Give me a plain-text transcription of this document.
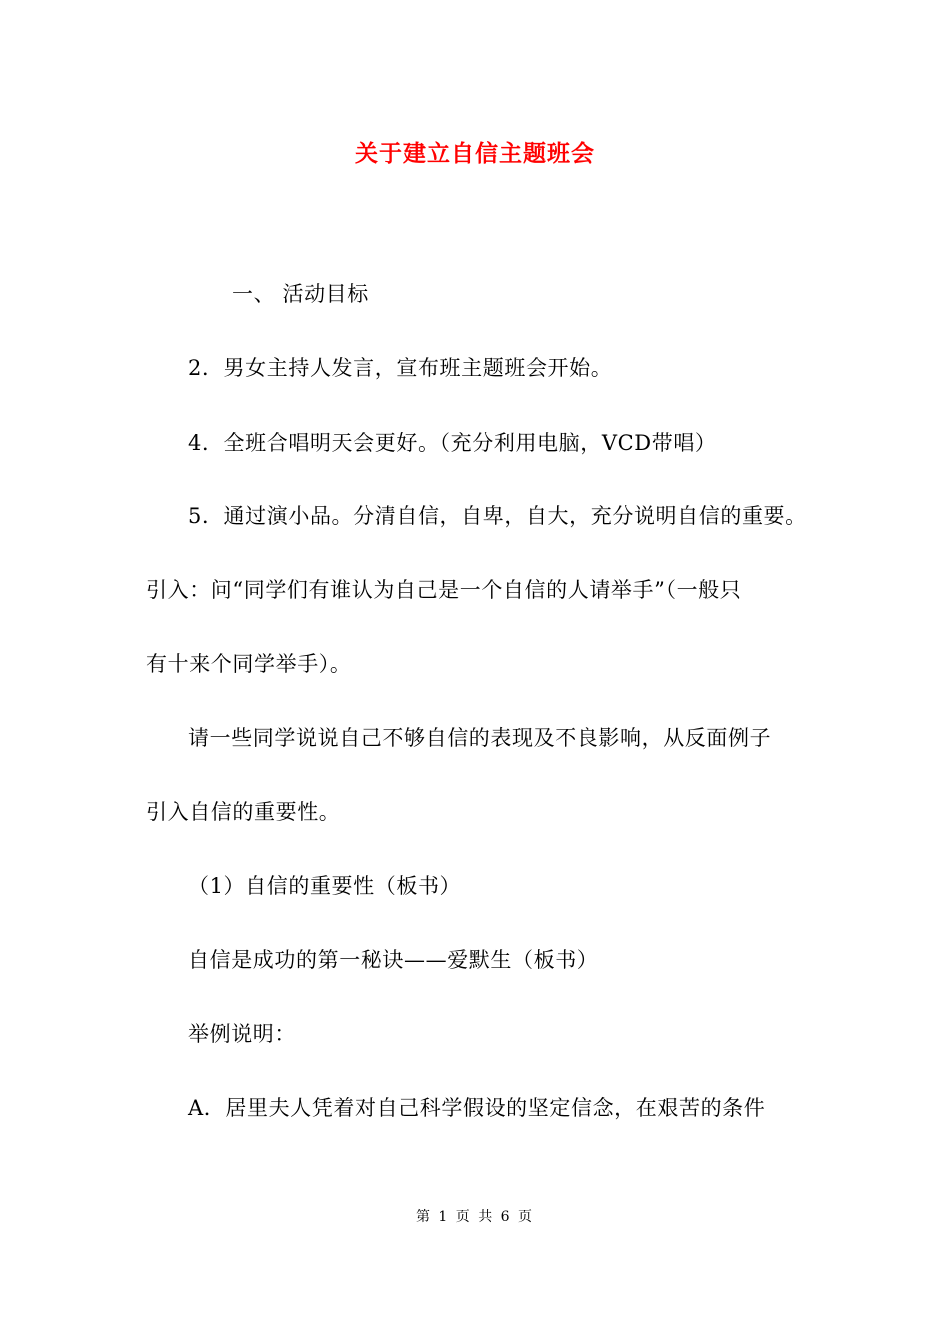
关于建立自信主题班会
一、 活动目标
2．男女主持人发言，宣布班主题班会开始。
4．全班合唱明天会更好。（充分利用电脑，VCD带唱）
5．通过演小品。分清自信，自卑，自大，充分说明自信的重要。
引入：问“同学们有谁认为自己是一个自信的人请举手”（一般只
有十来个同学举手）。
请一些同学说说自己不够自信的表现及不良影响，从反面例子
引入自信的重要性。
（1）自信的重要性（板书）
自信是成功的第一秘诀——爱默生（板书）
举例说明：
A．居里夫人凭着对自己科学假设的坚定信念，在艰苦的条件
第 1 页 共 6 页
